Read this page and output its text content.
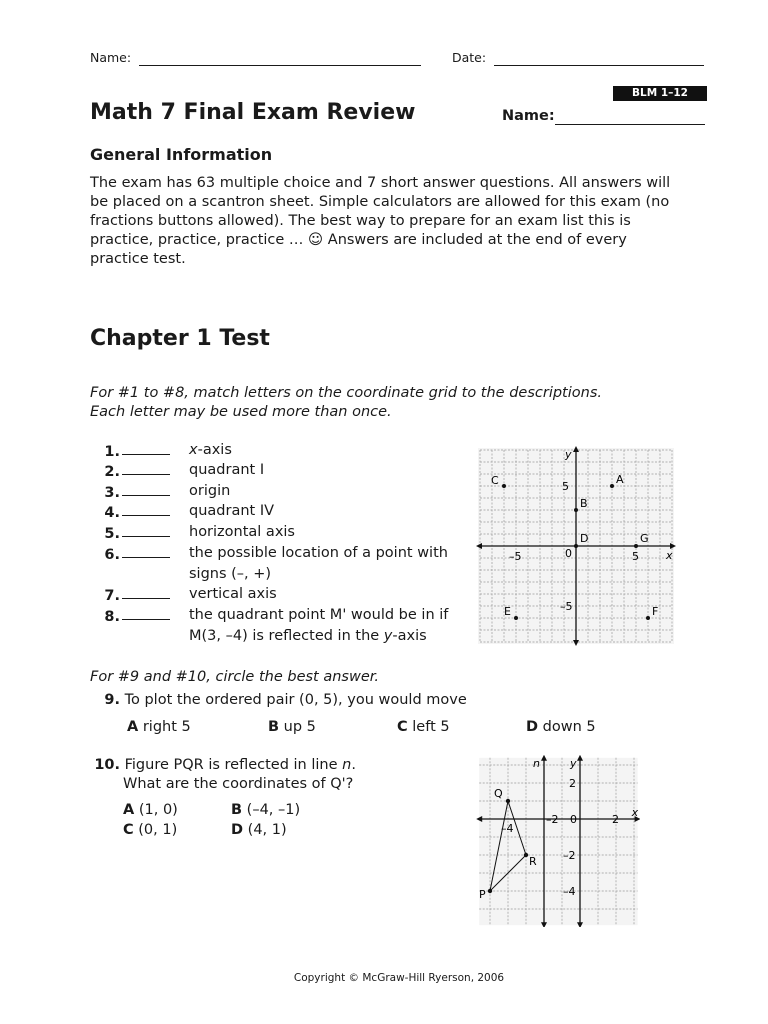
Name:	Date:
BLM 1–12
Math 7 Final Exam Review	Name:
General Information
The exam has 63 multiple choice and 7 short answer questions. All answers will
be placed on a scantron sheet. Simple calculators are allowed for this exam (no
fractions buttons allowed). The best way to prepare for an exam list this is
practice, practice, practice … ☺ Answers are included at the end of every
practice test.
Chapter 1 Test
For #1 to #8, match letters on the coordinate grid to the descriptions.
Each letter may be used more than once.
1.	x-axis
2.	quadrant I
3.	origin
4.	quadrant IV
5.	horizontal axis
6.	the possible location of a point with
signs (–, +)
7.	vertical axis
8.	the quadrant point M' would be in if
M(3, –4) is reflected in the y-axis
x
y
5
–5
5
–5	0
A
B
C
D
E	F
G
For #9 and #10, circle the best answer.
9. To plot the ordered pair (0, 5), you would move
A right 5	B up 5	C left 5	D down 5
10. Figure PQR is reflected in line n.
What are the coordinates of Q'?
A (1, 0)	B (–4, –1)
C (0, 1)	D (4, 1)
n
x
y
–4
–2 0	2
2
–2
–4
Q
R
P
Copyright © McGraw-Hill Ryerson, 2006
